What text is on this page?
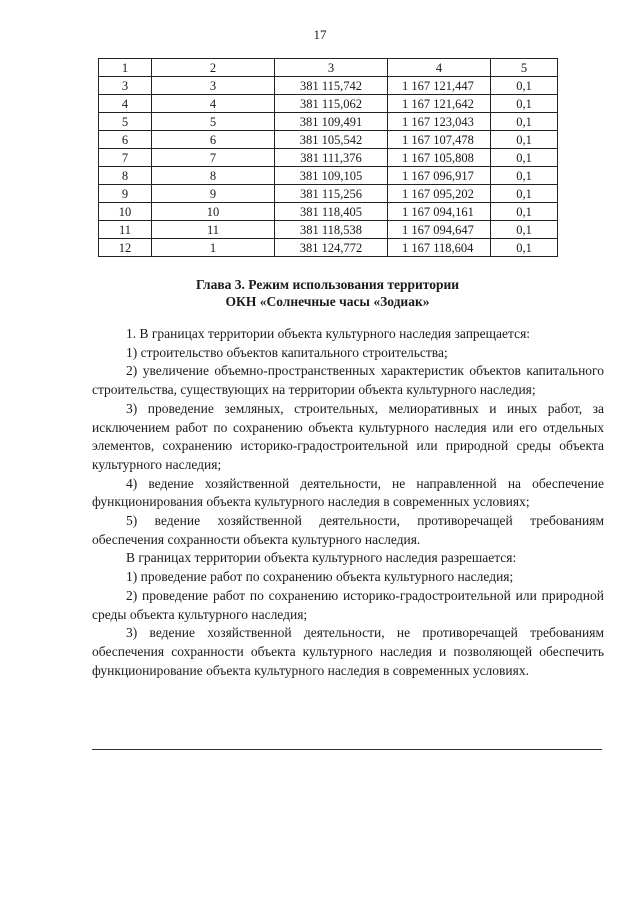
17
1	2	3	4	5
3	3	381 115,742	1 167 121,447	0,1
4	4	381 115,062	1 167 121,642	0,1
5	5	381 109,491	1 167 123,043	0,1
6	6	381 105,542	1 167 107,478	0,1
7	7	381 111,376	1 167 105,808	0,1
8	8	381 109,105	1 167 096,917	0,1
9	9	381 115,256	1 167 095,202	0,1
10	10	381 118,405	1 167 094,161	0,1
11	11	381 118,538	1 167 094,647	0,1
12	1	381 124,772	1 167 118,604	0,1
Глава 3. Режим использования территории
ОКН «Солнечные часы «Зодиак»

1. В границах территории объекта культурного наследия запрещается:

1) строительство объектов капитального строительства;

2) увеличение объемно-пространственных характеристик объектов капитального строительства, существующих на территории объекта культурного наследия;

3) проведение земляных, строительных, мелиоративных и иных работ, за исключением работ по сохранению объекта культурного наследия или его отдельных элементов, сохранению историко-градостроительной или природной среды объекта культурного наследия;

4) ведение хозяйственной деятельности, не направленной на обеспечение функционирования объекта культурного наследия в современных условиях;

5) ведение хозяйственной деятельности, противоречащей требованиям обеспечения сохранности объекта культурного наследия.

В границах территории объекта культурного наследия разрешается:

1) проведение работ по сохранению объекта культурного наследия;

2) проведение работ по сохранению историко-градостроительной или природной среды объекта культурного наследия;

3) ведение хозяйственной деятельности, не противоречащей требованиям обеспечения сохранности объекта культурного наследия и позволяющей обеспечить функционирование объекта культурного наследия в современных условиях.
